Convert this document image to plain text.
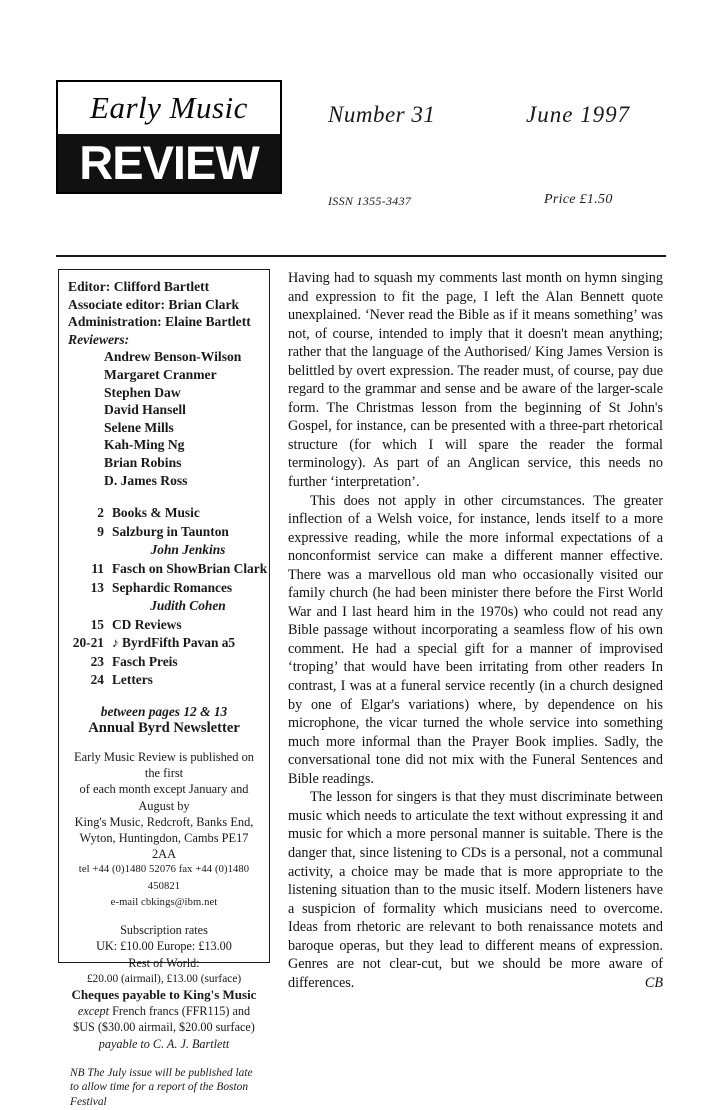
Early Music
REVIEW
Number 31	June 1997
ISSN 1355-3437	Price £1.50
Editor: Clifford Bartlett
Associate editor: Brian Clark
Administration: Elaine Bartlett
Reviewers:
Andrew Benson-Wilson
Margaret Cranmer
Stephen Daw
David Hansell
Selene Mills
Kah-Ming Ng
Brian Robins
D. James Ross
2 Books & Music
9 Salzburg in Taunton
John Jenkins
11 Fasch on Show Brian Clark
13 Sephardic Romances
Judith Cohen
15 CD Reviews
20-21 ♪ Byrd Fifth Pavan a5
23 Fasch Preis
24 Letters
between pages 12 & 13
Annual Byrd Newsletter
Early Music Review is published on the first
of each month except January and August by
King's Music, Redcroft, Banks End,
Wyton, Huntingdon, Cambs PE17 2AA
tel +44 (0)1480 52076 fax +44 (0)1480 450821
e-mail cbkings@ibm.net
Subscription rates
UK: £10.00 Europe: £13.00
Rest of World:
£20.00 (airmail), £13.00 (surface)
Cheques payable to King's Music
except French francs (FFR115) and
$US ($30.00 airmail, $20.00 surface)
payable to C. A. J. Bartlett
NB The July issue will be published late to allow time for a report of the Boston Festival

Having had to squash my comments last month on hymn singing and expression to fit the page, I left the Alan Bennett quote unexplained. ‘Never read the Bible as if it means something’ was not, of course, intended to imply that it doesn't mean anything; rather that the language of the Authorised/ King James Version is belittled by overt expression. The reader must, of course, pay due regard to the grammar and sense and be aware of the larger-scale form. The Christmas lesson from the beginning of St John's Gospel, for instance, can be presented with a three-part rhetorical structure (for which I will spare the reader the formal terminology). As part of an Anglican service, this needs no further ‘interpretation’.

This does not apply in other circumstances. The greater inflection of a Welsh voice, for instance, lends itself to a more expressive reading, while the more informal expectations of a nonconformist service can make a different manner effective. There was a marvellous old man who occasionally visited our family church (he had been minister there before the First World War and I last heard him in the 1970s) who could not read any Bible passage without incorporating a seamless flow of his own comment. He had a special gift for a manner of improvised ‘troping’ that would have been irritating from other readers In contrast, I was at a funeral service recently (in a church designed by one of Elgar's variations) where, by dependence on his microphone, the vicar turned the whole service into something much more informal than the Prayer Book implies. Sadly, the conversational tone did not mix with the Funeral Sentences and Bible readings.

The lesson for singers is that they must discriminate between music which needs to articulate the text without expressing it and music for which a more personal manner is suitable. There is the danger that, since listening to CDs is a personal, not a communal activity, a choice may be made that is more appropriate to the listening situation than to the music itself. Modern listeners have a suspicion of formality which musicians need to overcome. Ideas from rhetoric are relevant to both renaissance motets and baroque operas, but they lead to different means of expression. Genres are not clear-cut, but we should be more aware of differences.	CB
